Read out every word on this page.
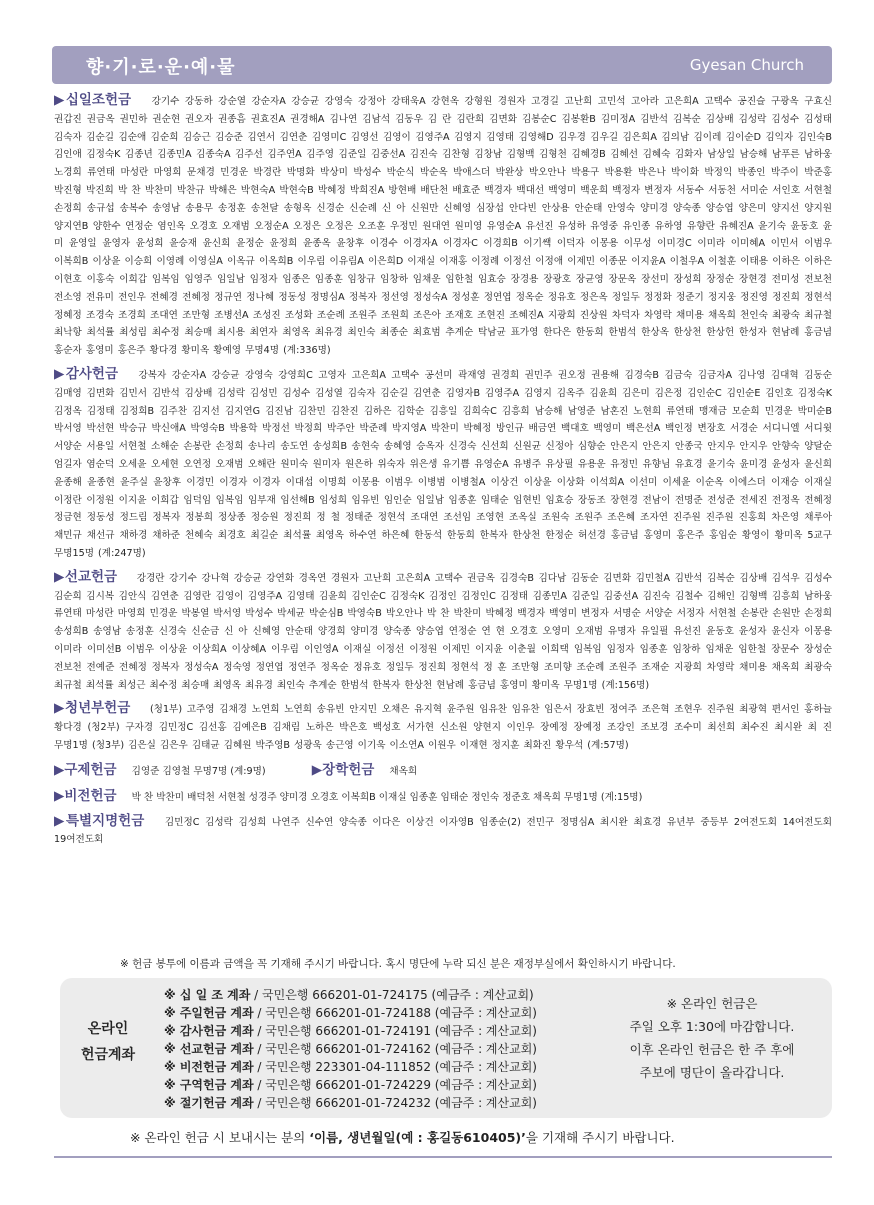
향·기·로·운·예·물	Gyesan Church
▶십일조헌금 강기수 강동하 강순열 강순자A 강승균 강영숙 강정아 강태욱A 강현옥 강형원 경원자 고경길 고난희 고민석 고아라 고은희A 고택수 공진슬 구광옥 구효신 권갑진 권금옥 권민하 권순현 권오자 권종흠 권효진A 권경해A 김나연 김남석 김동우 김 란 김란희 김면화 김봉순C 김봉환B 김미정A 김반석 김복순 김상배 김성락 김성수 김성태 김숙자 김순길 김순애 김순희 김승근 김승준 김연서 김연춘 김영미C 김영선 김영이 김영주A 김영지 김영태 김영해D 김우경 김우길 김은희A 김의남 김이레 김이순D 김익자 김인숙B 김인애 김정숙K 김종년 김종민A 김종숙A 김주선 김주연A 김주영 김준일 김중선A 김진숙 김찬형 김창남 김형백 김형천 김혜경B 김혜선 김혜숙 김화자 남상일 남승해 남푸른 남하웅 노경희 류연태 마성란 마영희 문채경 민경운 박경란 박명화 박상미 박성수 박순식 박순옥 박애스더 박완상 박오안나 박용구 박용환 박은나 박이화 박정익 박종인 박주이 박준홍 박진형 박진희 박 찬 박찬미 박찬규 박해은 박현숙A 박현숙B 박혜정 박희진A 방현배 배단천 배효준 백경자 백대선 백영미 백운희 백정자 변정자 서동수 서동천 서미순 서인호 서현철 손정희 송규섭 송복수 송영남 송용무 송정훈 송천달 송형옥 신경순 신순례 신 아 신원만 신혜영 심장섭 안다빈 안상용 안순태 안영숙 양미경 양숙종 양승엽 양은미 양지선 양지원 양지연B 양한수 연정순 염인옥 오경호 오재범 오정순A 오정은 오정은 오조훈 우정민 원대연 원미영 유영순A 유선진 유성하 유영중 유인종 유하영 유향란 유혜진A 윤기숙 윤동호 윤 미 윤영일 윤영자 윤성희 윤승재 윤신희 윤정순 윤정희 윤종옥 윤창후 이경수 이경자A 이경자C 이경희B 이기쌕 이덕자 이몽용 이무성 이미경C 이미라 이미혜A 이민서 이범우 이복희B 이상윤 이승희 이영례 이영실A 이옥규 이옥희B 이우림 이유림A 이은희D 이재실 이재홍 이정례 이정선 이정애 이제민 이종문 이지윤A 이철우A 이철훈 이태용 이하은 이하은 이현호 이홍숙 이희갑 임복임 임영주 임일남 임정자 임종은 임종훈 임창규 임창하 임채운 임한철 임효승 장경용 장광호 장균영 장문옥 장선미 장성희 장정순 장현경 전미성 전보천 전소영 전유미 전인우 전혜경 전혜정 정규연 정나혜 정동성 정명심A 정복자 정선영 정성숙A 정성훈 정연엽 정옥순 정유호 정은옥 정일두 정정화 정준기 정지웅 정진영 정진희 정현석 정혜정 조경숙 조경희 조대연 조만형 조병선A 조성진 조성화 조순례 조원주 조원희 조은아 조재호 조현진 조혜진A 지광희 진상원 차덕자 차영락 채미용 채옥희 천인숙 최광숙 최규철 최낙항 최석률 최성림 최수정 최승매 최시용 최연자 최영옥 최유경 최인숙 최종순 최효범 추계순 탁남균 표가영 한다은 한동희 한범석 한상옥 한상천 한상헌 한성자 현남례 홍금념 홍순자 홍영미 홍은주 황다경 황미옥 황예영 무명4명 (계:336명)
▶감사헌금 강복자 강순자A 강승균 강영숙 강영희C 고영자 고은희A 고택수 공선미 곽재영 권경희 권민주 권오정 권용해 김경숙B 김금숙 김금자A 김나영 김대혁 김동순 김매영 김면화 김민서 김반석 김상배 김성락 김성민 김성수 김성열 김숙자 김순길 김연춘 김영자B 김영주A 김영지 김옥주 김윤희 김은미 김은정 김인순C 김인순E 김인호 김정숙K 김정옥 김정태 김정희B 김주찬 김지선 김지연G 김진남 김찬민 김찬진 김하은 김학순 김흥일 김희숙C 김흥희 남승해 남영준 남혼진 노현희 류연태 맹재금 모순희 민경운 박미순B 박서영 박선현 박승규 박신애A 박영숙B 박용학 박정선 박정희 박주안 박준례 박지영A 박찬미 박혜정 방인규 배금연 백대호 백영미 백은선A 백인정 변장호 서경순 서디니엘 서디윗 서양순 서용일 서현철 소해순 손봉란 손정희 송나리 송도연 송성희B 송현숙 송혜영 승옥자 신경숙 신선희 신원균 신정아 심향순 안은지 안은지 안종국 안지우 안지우 안향숙 양달순 엄길자 염순덕 오세윤 오세현 오연정 오재범 오해란 원미숙 원미자 원은하 위숙자 위은생 유기쁨 유영순A 유병주 유상필 유용운 유정민 유향님 유효경 윤기숙 윤미경 윤성자 윤신희 윤종해 윤종현 윤주실 윤창후 이경민 이경자 이경자 이대섭 이명희 이몽용 이범우 이병범 이병철A 이상건 이상윤 이상화 이석희A 이선미 이세윤 이순옥 이에스더 이재승 이재실 이정란 이정원 이지윤 이희갑 임덕임 임복임 임부재 임선해B 임성희 임유빈 임인순 임일남 임종훈 임태순 임현빈 임효승 장동조 장현경 전남이 전명준 전성준 전세진 전정옥 전혜정 정금현 정동성 정드림 정복자 정봉희 정상종 정승원 정진희 정 철 정태준 정현석 조대연 조선임 조영현 조옥실 조원숙 조원주 조은혜 조자연 진주원 진주원 진홍희 차은영 채루아 채민규 채선규 채하경 채하준 천혜숙 최경호 최길순 최석률 최영옥 하수연 하은혜 한동석 한동희 한복자 한상천 한정순 허선경 홍금념 홍영미 홍은주 홍임순 황영이 황미옥 5교구 무명15명 (계:247명)
▶선교헌금 강경란 강기수 강나혁 강승균 강연화 경옥연 경원자 고난희 고은희A 고택수 권금옥 김경숙B 김다남 김동순 김면화 김민철A 김반석 김복순 김상배 김석우 김성수 김순희 김시복 김안식 김연춘 김영란 김영이 김영주A 김영태 김윤희 김인순C 김정숙K 김정인 김정인C 김정태 김종민A 김준일 김중선A 김진숙 김철수 김해인 김형백 김흥희 남하웅 류연태 마성란 마영희 민경운 박봉열 박서영 박성수 박세균 박순심B 박영숙B 박오안나 박 찬 박찬미 박혜정 백경자 백영미 변정자 서명순 서양순 서정자 서현철 손봉란 손원만 손정희 송성희B 송영남 송정훈 신경숙 신순금 신 아 신혜영 안순태 양경희 양미경 양숙종 양승엽 연정순 연 현 오경호 오영미 오재범 유명자 유일필 유선진 윤동호 윤성자 윤신자 이몽용 이미라 이미선B 이범우 이상윤 이상희A 이상혜A 이우림 이인영A 이재실 이정선 이정원 이제민 이지윤 이춘월 이희택 임복임 임정자 임종훈 임창하 임채운 임한철 장문수 장성순 전보천 전예준 전혜정 정복자 정성숙A 정숙영 정연엽 정연주 정옥순 정유호 정일두 정진희 정현석 정 훈 조만형 조미향 조순례 조원주 조재순 지광희 차영락 채미용 채옥희 최광숙 최규철 최석률 최성근 최수정 최승매 최영옥 최유경 최인숙 추계순 한범석 한복자 한상천 현남례 홍금념 홍영미 황미옥 무명1명 (계:156명)
▶청년부헌금 (청1부) 고주영 김채경 노연희 노연희 송유빈 안지민 오채은 유지혁 윤주원 임유찬 임유찬 임은서 장효빈 정여주 조은혁 조현우 진주원 최광혁 편서인 홍하늘 황다경 (청2부) 구자경 김민정C 김선홍 김예은B 김채림 노하은 박은호 백성호 서가현 신소원 양현지 이인우 장예정 장예정 조강인 조보경 조수미 최선희 최수진 최시완 최 진 무명1명 (청3부) 김은실 김은우 김태균 김혜원 박주영B 성광욱 송근영 이기욱 이소연A 이원우 이재현 정지훈 최화진 황우석 (계:57명)
▶구제헌금 김영준 김영철 무명7명 (계:9명)	▶장학헌금 채옥희
▶비전헌금 박 찬 박찬미 배덕천 서현철 성경주 양미경 오경호 이복희B 이재실 임종훈 임태순 정인숙 정준호 채옥희 무명1명 (계:15명)
▶특별지명헌금 김민정C 김성락 김성희 나연주 신수연 양숙종 이다은 이상건 이자영B 임종순(2) 전민구 정명심A 최시완 최효경 유년부 중등부 2여전도회 14여전도회 19여전도회
※ 헌금 봉투에 이름과 금액을 꼭 기재해 주시기 바랍니다. 혹시 명단에 누락 되신 분은 재정부실에서 확인하시기 바랍니다.
온라인
헌금계좌
※ 십 일 조 계좌 / 국민은행 666201-01-724175 (예금주 : 계산교회)
※ 주일헌금 계좌 / 국민은행 666201-01-724188 (예금주 : 계산교회)
※ 감사헌금 계좌 / 국민은행 666201-01-724191 (예금주 : 계산교회)
※ 선교헌금 계좌 / 국민은행 666201-01-724162 (예금주 : 계산교회)
※ 비전헌금 계좌 / 국민은행 223301-04-111852 (예금주 : 계산교회)
※ 구역헌금 계좌 / 국민은행 666201-01-724229 (예금주 : 계산교회)
※ 절기헌금 계좌 / 국민은행 666201-01-724232 (예금주 : 계산교회)
※ 온라인 헌금은
주일 오후 1:30에 마감합니다.
이후 온라인 헌금은 한 주 후에
주보에 명단이 올라갑니다.
※ 온라인 헌금 시 보내시는 분의 ‘이름, 생년월일(예 : 홍길동610405)’을 기재해 주시기 바랍니다.
